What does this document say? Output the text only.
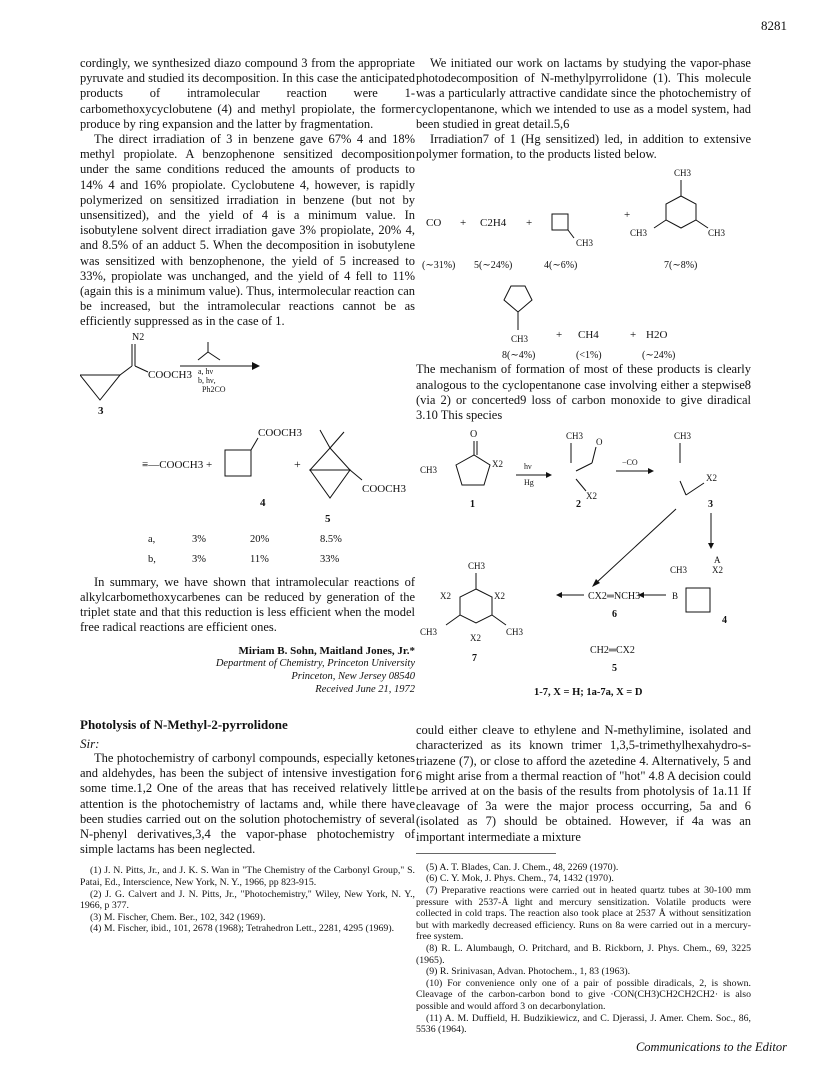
8281

cordingly, we synthesized diazo compound 3 from the appropriate pyruvate and studied its decomposition. In this case the anticipated products of intramolecular reaction were 1-carbomethoxycyclobutene (4) and methyl propiolate, the former produce by ring expansion and the latter by fragmentation.

The direct irradiation of 3 in benzene gave 67% 4 and 18% methyl propiolate. A benzophenone sensitized decomposition under the same conditions reduced the amounts of products to 14% 4 and 16% propiolate. Cyclobutene 4, however, is rapidly polymerized on sensitized irradiation in benzene (but not by unsensitized), and the yield of 4 is a minimum value. In isobutylene solvent direct irradiation gave 3% propiolate, 20% 4, and 8.5% of an adduct 5. When the decomposition in isobutylene was sensitized with benzophenone, the yield of 5 increased to 33%, propiolate was unchanged, and the yield of 4 fell to 11% (again this is a minimum value). Thus, intermolecular reaction can be increased, but the intramolecular reactions cannot be as efficiently suppressed as in the case of 1.

N2
COOCH3 a, hν
b, hν,
Ph2CO
3
≡—COOCH3 +
COOCH3
+
COOCH3
4
5
a,	3%	20%	8.5%
b,	3%	11%	33%

In summary, we have shown that intramolecular reactions of alkylcarbomethoxycarbenes can be reduced by generation of the triplet state and that this reduction is less efficient when the model free radical reactions are efficient ones.

Miriam B. Sohn, Maitland Jones, Jr.*
Department of Chemistry, Princeton University
Princeton, New Jersey 08540
Received June 21, 1972
Photolysis of N-Methyl-2-pyrrolidone
Sir:

The photochemistry of carbonyl compounds, especially ketones and aldehydes, has been the subject of intensive investigation for some time.1,2 One of the areas that has received relatively little attention is the photochemistry of lactams and, while there have been studies carried out on the solution photochemistry of several N-phenyl derivatives,3,4 the vapor-phase photochemistry of simple lactams has been neglected.

(1) J. N. Pitts, Jr., and J. K. S. Wan in "The Chemistry of the Carbonyl Group," S. Patai, Ed., Interscience, New York, N. Y., 1966, pp 823-915.

(2) J. G. Calvert and J. N. Pitts, Jr., "Photochemistry," Wiley, New York, N. Y., 1966, p 377.

(3) M. Fischer, Chem. Ber., 102, 342 (1969).

(4) M. Fischer, ibid., 101, 2678 (1968); Tetrahedron Lett., 2281, 4295 (1969).

We initiated our work on lactams by studying the vapor-phase photodecomposition of N-methylpyrrolidone (1). This molecule was a particularly attractive candidate since the photochemistry of cyclopentanone, which we intended to use as a model system, had been studied in great detail.5,6

Irradiation7 of 1 (Hg sensitized) led, in addition to extensive polymer formation, to the products listed below.

CO + C2H4 +
CH3
+
CH3
CH3	CH3
(∼31%) 5(∼24%)	4(∼6%)	7(∼8%)
CH3	+ CH4	+ H2O
8(∼4%)	(<1%)	(∼24%)

The mechanism of formation of most of these products is clearly analogous to the cyclopentanone case involving either a stepwise8 (via 2) or concerted9 loss of carbon monoxide to give diradical 3.10 This species

O
CH3
X2	hν
Hg
CH3
O
X2
−CO
CH3
X2
1	2	3
A
CH3	X2
B
4
CX2═NCH3
6
CH2═CX2
5
CH3
X2	X2
CH3	CH3
X2
7
1-7, X = H; 1a-7a, X = D

could either cleave to ethylene and N-methylimine, isolated and characterized as its known trimer 1,3,5-trimethylhexahydro-s-triazene (7), or close to afford the azetedine 4. Alternatively, 5 and 6 might arise from a thermal reaction of "hot" 4.8 A decision could be arrived at on the basis of the results from photolysis of 1a.11 If cleavage of 3a were the major process occurring, 5a and 6 (isolated as 7) should be obtained. However, if 4a was an important intermediate a mixture

(5) A. T. Blades, Can. J. Chem., 48, 2269 (1970).

(6) C. Y. Mok, J. Phys. Chem., 74, 1432 (1970).

(7) Preparative reactions were carried out in heated quartz tubes at 30-100 mm pressure with 2537-Å light and mercury sensitization. Volatile products were collected in cold traps. The reaction also took place at 2537 Å without sensitization but with markedly decreased efficiency. Runs on 8a were carried out in a mercury-free system.

(8) R. L. Alumbaugh, O. Pritchard, and B. Rickborn, J. Phys. Chem., 69, 3225 (1965).

(9) R. Srinivasan, Advan. Photochem., 1, 83 (1963).

(10) For convenience only one of a pair of possible diradicals, 2, is shown. Cleavage of the carbon-carbon bond to give ·CON(CH3)CH2CH2CH2· is also possible and would afford 3 on decarbonylation.

(11) A. M. Duffield, H. Budzikiewicz, and C. Djerassi, J. Amer. Chem. Soc., 86, 5536 (1964).

Communications to the Editor
